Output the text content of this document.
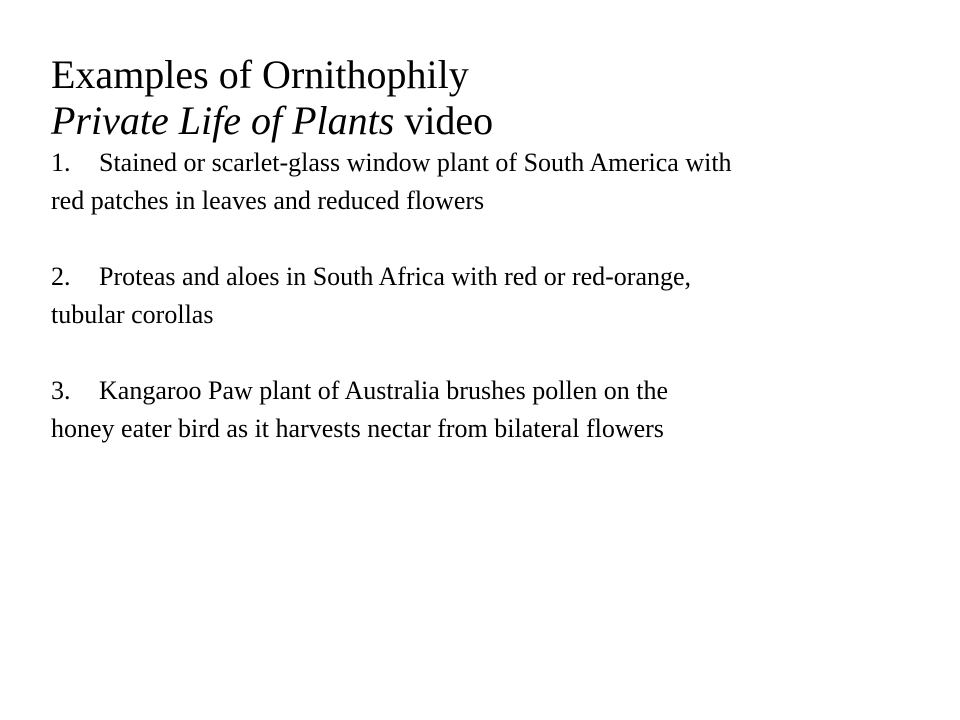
Examples of Ornithophily
Private Life of Plants video
1. Stained or scarlet-glass window plant of South America with
red patches in leaves and reduced flowers
2. Proteas and aloes in South Africa with red or red-orange,
tubular corollas
3. Kangaroo Paw plant of Australia brushes pollen on the
honey eater bird as it harvests nectar from bilateral flowers
